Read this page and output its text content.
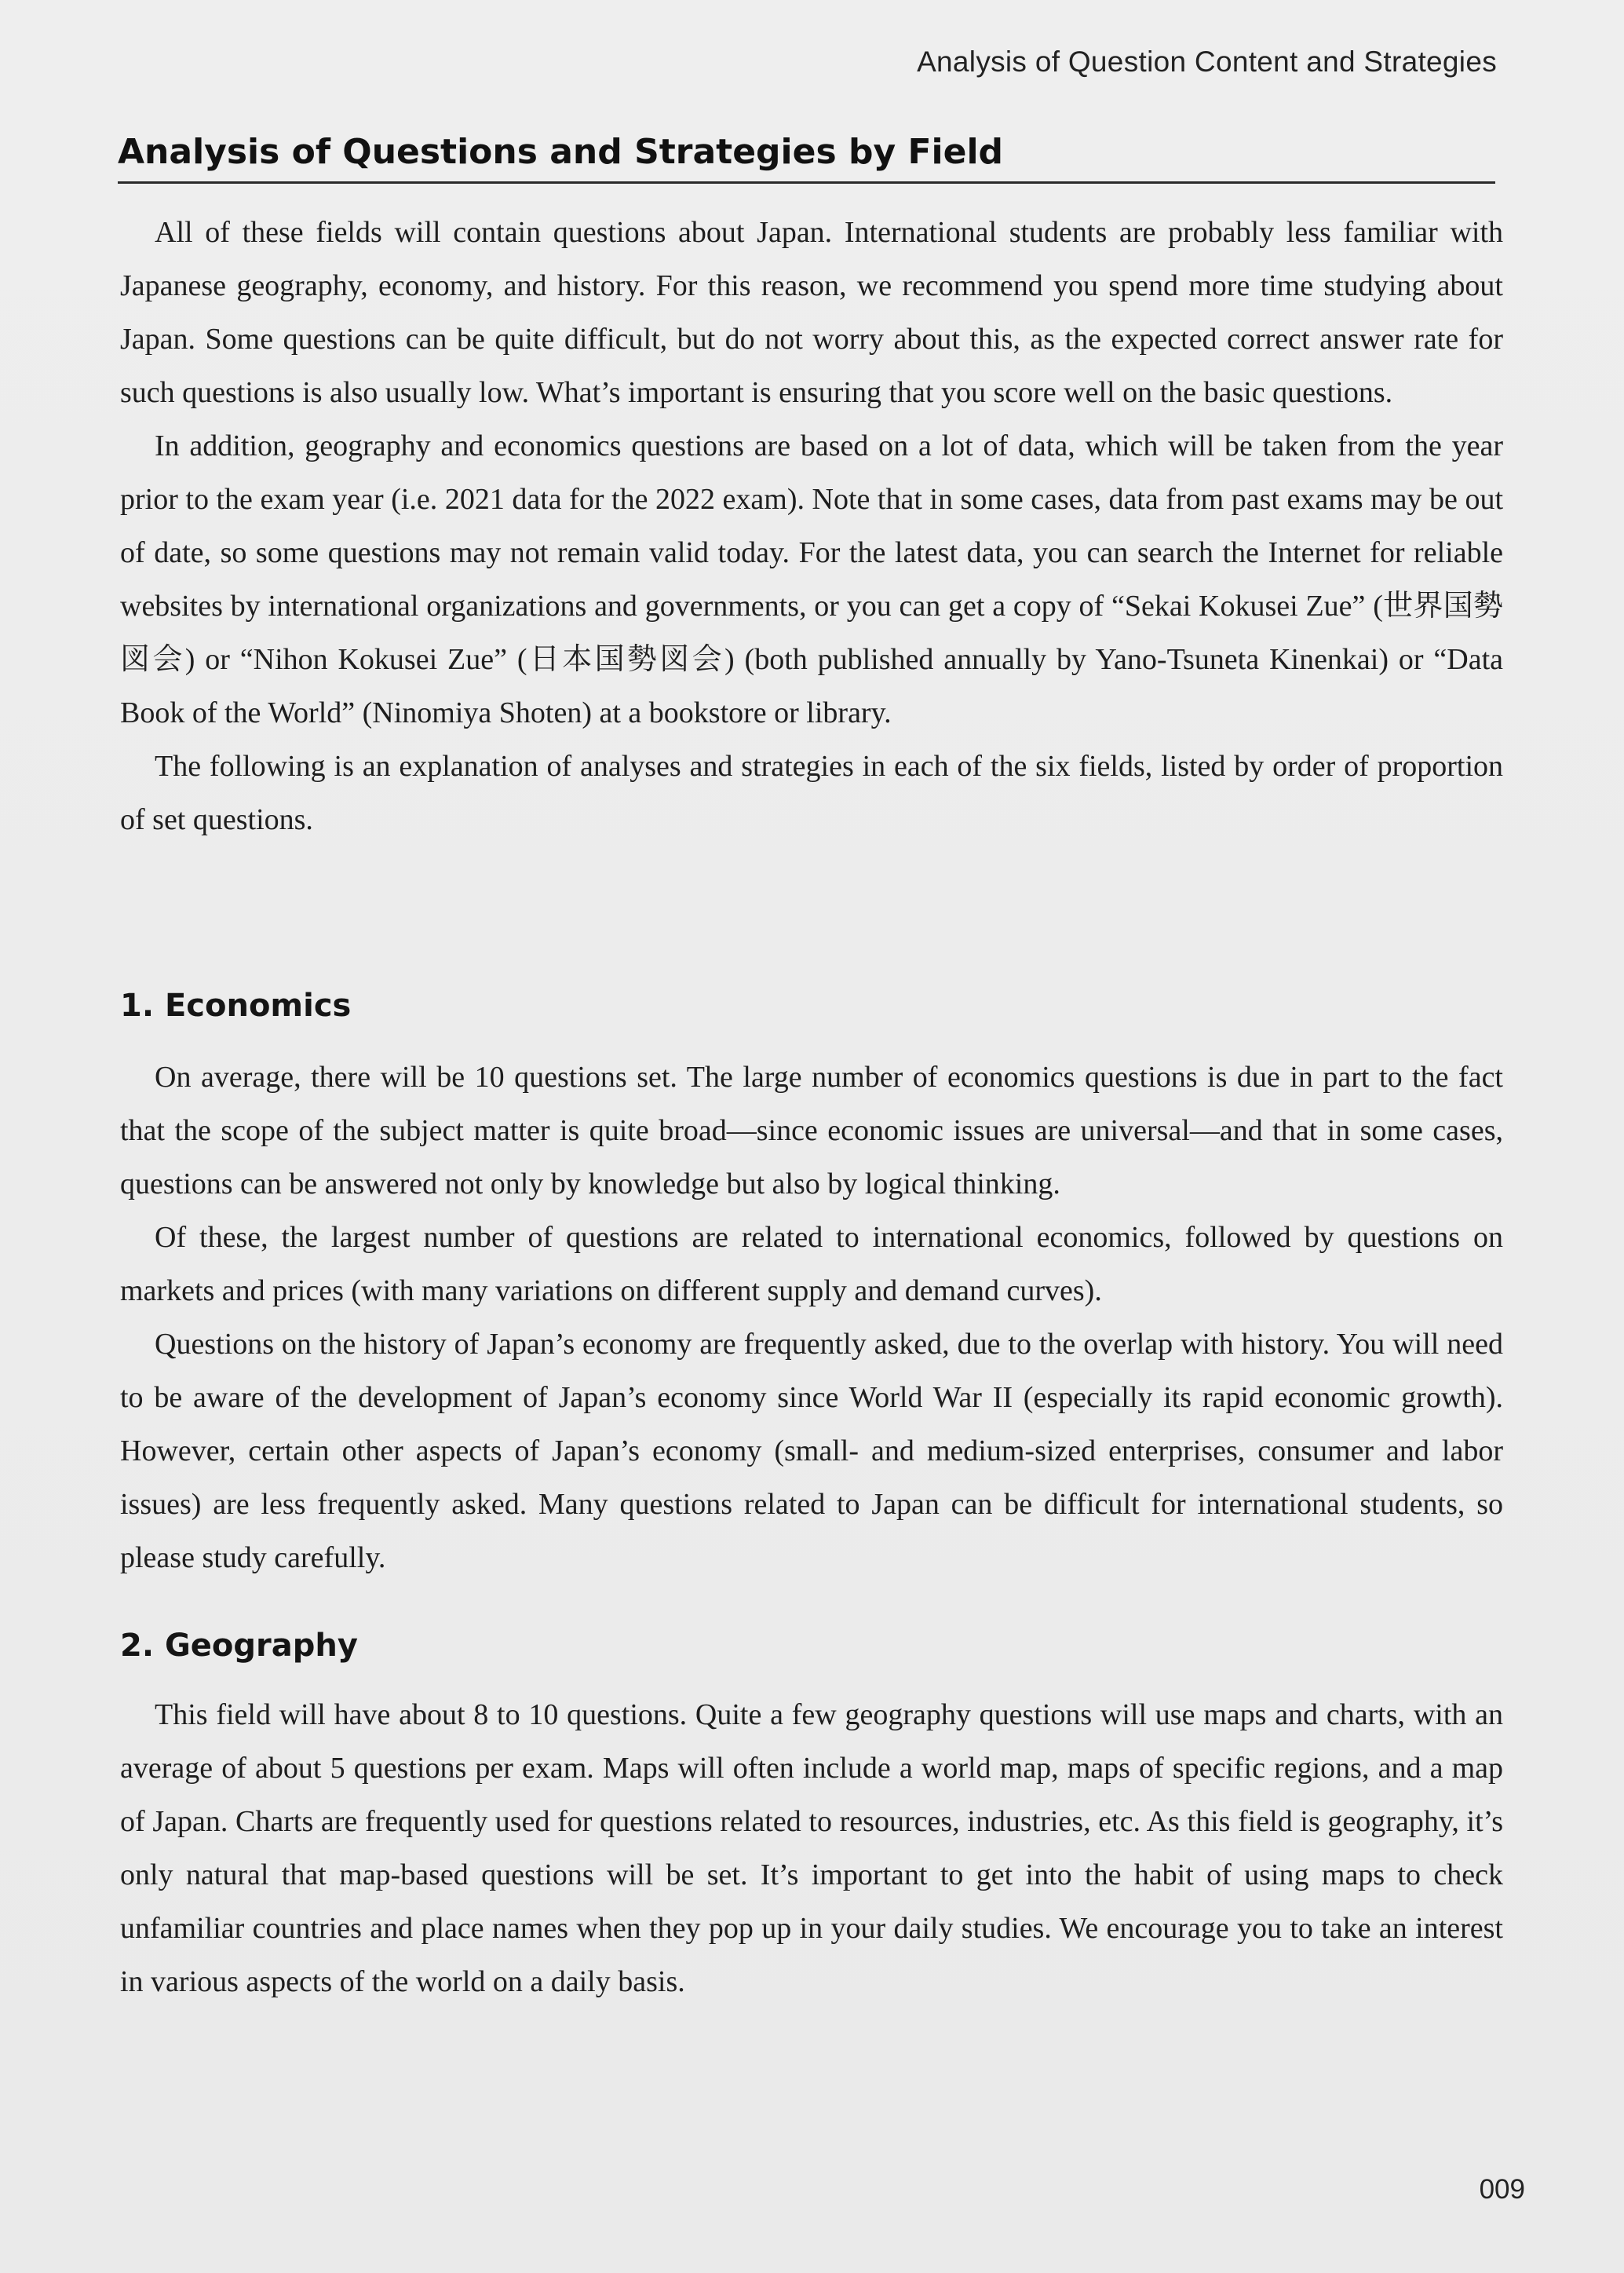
Analysis of Question Content and Strategies
Analysis of Questions and Strategies by Field

All of these fields will contain questions about Japan. International students are probably less familiar with Japanese geography, economy, and history. For this reason, we recommend you spend more time studying about Japan. Some questions can be quite difficult, but do not worry about this, as the expected correct answer rate for such questions is also usually low. What’s important is ensuring that you score well on the basic questions.

In addition, geography and economics questions are based on a lot of data, which will be taken from the year prior to the exam year (i.e. 2021 data for the 2022 exam). Note that in some cases, data from past exams may be out of date, so some questions may not remain valid today. For the latest data, you can search the Internet for reliable websites by international organizations and governments, or you can get a copy of “Sekai Kokusei Zue” (世界国勢図会) or “Nihon Kokusei Zue” (日本国勢図会) (both published annually by Yano-Tsuneta Kinenkai) or “Data Book of the World” (Ninomiya Shoten) at a bookstore or library.

The following is an explanation of analyses and strategies in each of the six fields, listed by order of proportion of set questions.

1. Economics

On average, there will be 10 questions set. The large number of economics questions is due in part to the fact that the scope of the subject matter is quite broad—since economic issues are universal—and that in some cases, questions can be answered not only by knowledge but also by logical thinking.

Of these, the largest number of questions are related to international economics, followed by questions on markets and prices (with many variations on different supply and demand curves).

Questions on the history of Japan’s economy are frequently asked, due to the overlap with history. You will need to be aware of the development of Japan’s economy since World War II (especially its rapid economic growth). However, certain other aspects of Japan’s economy (small- and medium-sized enterprises, consumer and labor issues) are less frequently asked. Many questions related to Japan can be difficult for international students, so please study carefully.

2. Geography

This field will have about 8 to 10 questions. Quite a few geography questions will use maps and charts, with an average of about 5 questions per exam. Maps will often include a world map, maps of specific regions, and a map of Japan. Charts are frequently used for questions related to resources, industries, etc. As this field is geography, it’s only natural that map-based questions will be set. It’s important to get into the habit of using maps to check unfamiliar countries and place names when they pop up in your daily studies. We encourage you to take an interest in various aspects of the world on a daily basis.

009
